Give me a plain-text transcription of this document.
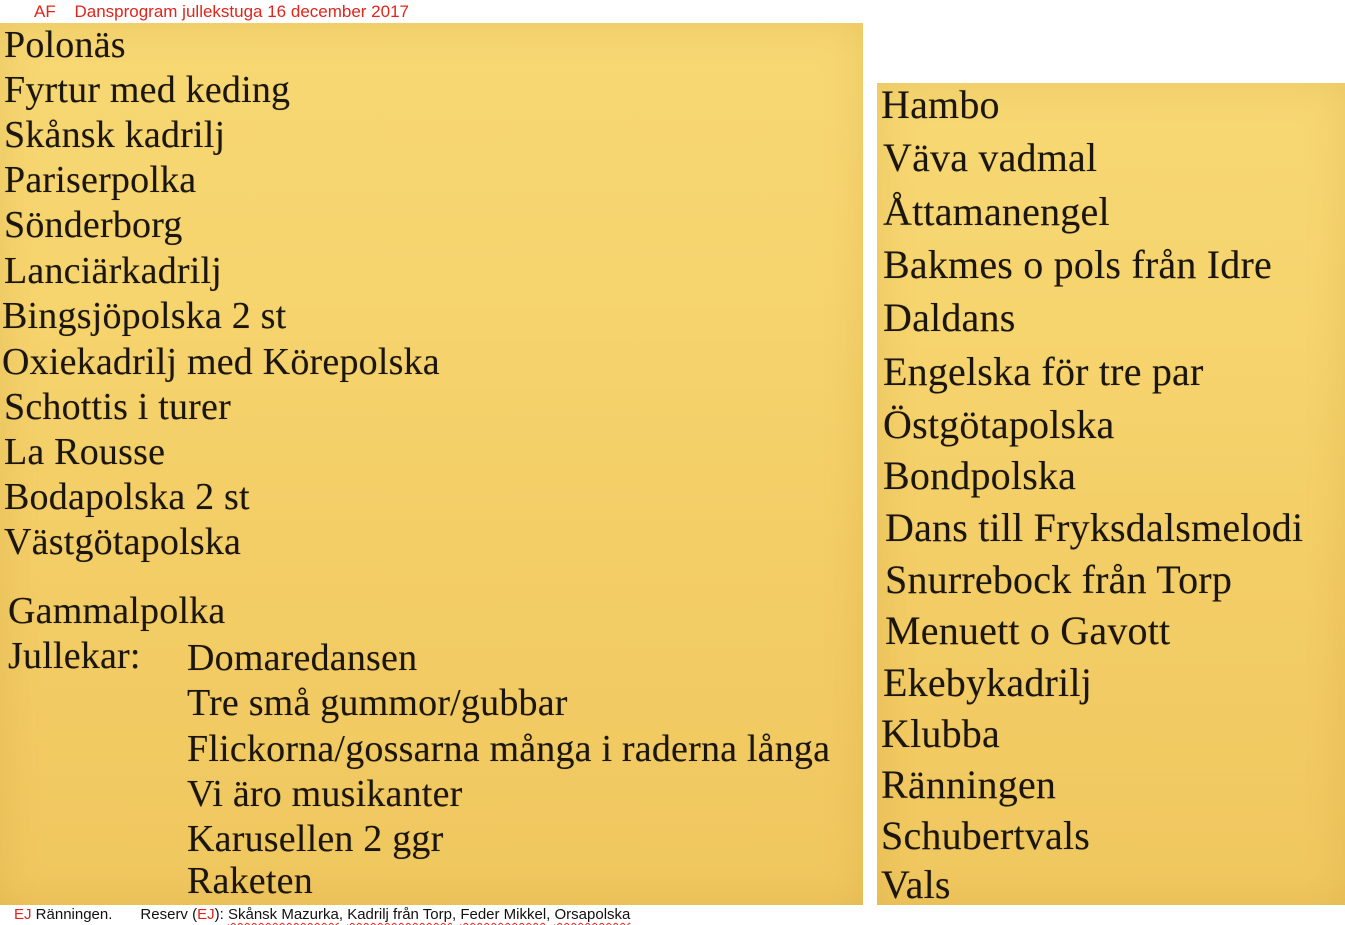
AF Dansprogram jullekstuga 16 december 2017
Polonäs
Fyrtur med keding
Skånsk kadrilj
Pariserpolka
Sönderborg
Lanciärkadrilj
Bingsjöpolska 2 st
Oxiekadrilj med Körepolska
Schottis i turer
La Rousse
Bodapolska 2 st
Västgötapolska
Gammalpolka
Jullekar: Domaredansen
Tre små gummor/gubbar
Flickorna/gossarna många i raderna långa
Vi äro musikanter
Karusellen 2 ggr
Raketen
Hambo
Väva vadmal
Åttamanengel
Bakmes o pols från Idre
Daldans
Engelska för tre par
Östgötapolska
Bondpolska
Dans till Fryksdalsmelodi
Snurrebock från Torp
Menuett o Gavott
Ekebykadrilj
Klubba
Ränningen
Schubertvals
Vals
EJ Ränningen. Reserv (EJ): Skånsk Mazurka, Kadrilj från Torp, Feder Mikkel, Orsapolska
